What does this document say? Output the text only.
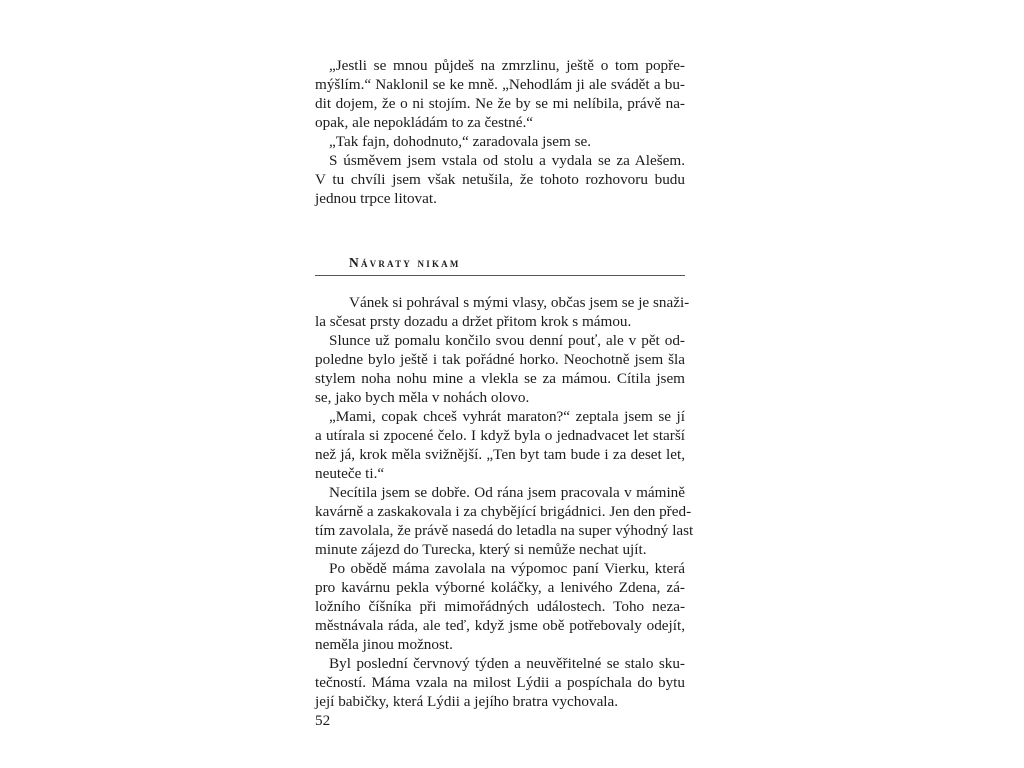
„Jestli se mnou půjdeš na zmrzlinu, ještě o tom popře-
mýšlím.“ Naklonil se ke mně. „Nehodlám ji ale svádět a bu-
dit dojem, že o ni stojím. Ne že by se mi nelíbila, právě na-
opak, ale nepokládám to za čestné.“
„Tak fajn, dohodnuto,“ zaradovala jsem se.
S úsměvem jsem vstala od stolu a vydala se za Alešem.
V tu chvíli jsem však netušila, že tohoto rozhovoru budu
jednou trpce litovat.
Návraty nikam
Vánek si pohrával s mými vlasy, občas jsem se je snaži-
la sčesat prsty dozadu a držet přitom krok s mámou.
Slunce už pomalu končilo svou denní pouť, ale v pět od-
poledne bylo ještě i tak pořádné horko. Neochotně jsem šla
stylem noha nohu mine a vlekla se za mámou. Cítila jsem
se, jako bych měla v nohách olovo.
„Mami, copak chceš vyhrát maraton?“ zeptala jsem se jí
a utírala si zpocené čelo. I když byla o jednadvacet let starší
než já, krok měla svižnější. „Ten byt tam bude i za deset let,
neuteče ti.“
Necítila jsem se dobře. Od rána jsem pracovala v mámině
kavárně a zaskakovala i za chybějící brigádnici. Jen den před-
tím zavolala, že právě nasedá do letadla na super výhodný last
minute zájezd do Turecka, který si nemůže nechat ujít.
Po obědě máma zavolala na výpomoc paní Vierku, která
pro kavárnu pekla výborné koláčky, a lenivého Zdena, zá-
ložního číšníka při mimořádných událostech. Toho neza-
městnávala ráda, ale teď, když jsme obě potřebovaly odejít,
neměla jinou možnost.
Byl poslední červnový týden a neuvěřitelné se stalo sku-
tečností. Máma vzala na milost Lýdii a pospíchala do bytu
její babičky, která Lýdii a jejího bratra vychovala.
52
